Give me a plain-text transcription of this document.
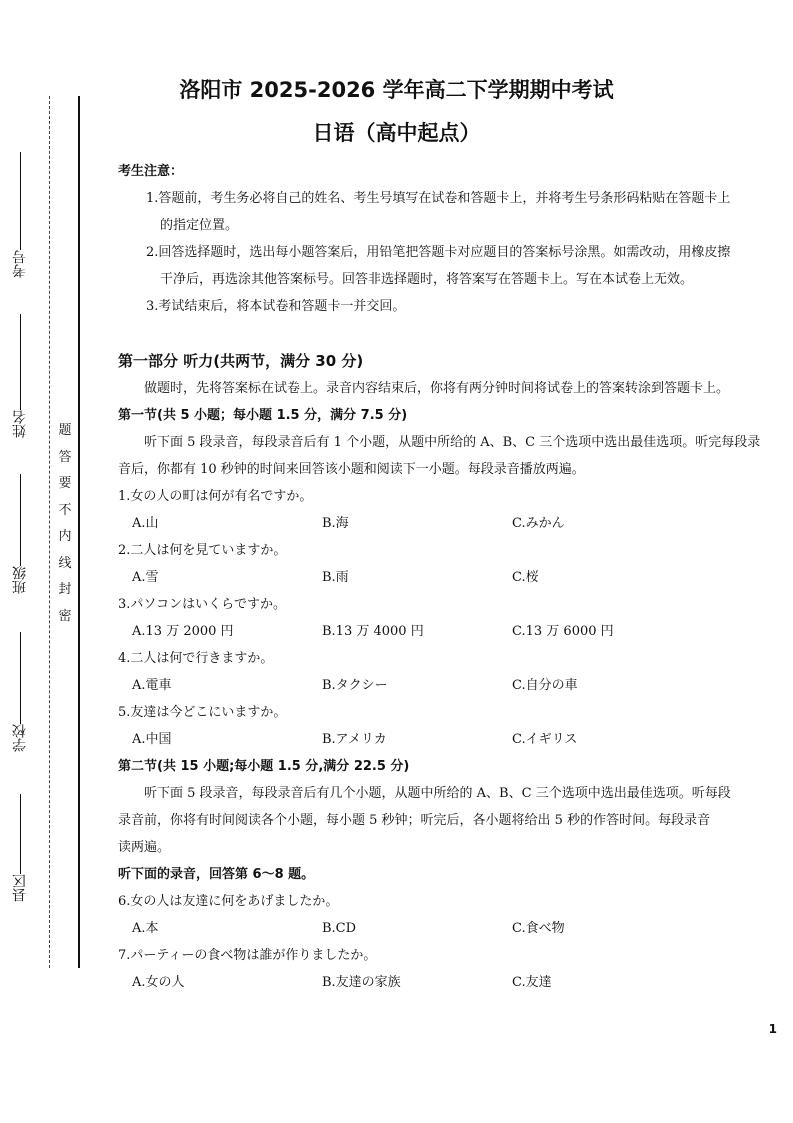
考号
姓名
班级
学校
县区
题
答
要
不
内
线
封
密
洛阳市 2025-2026 学年高二下学期期中考试
日语（高中起点）
考生注意：
1.答题前，考生务必将自己的姓名、考生号填写在试卷和答题卡上，并将考生号条形码粘贴在答题卡上
的指定位置。
2.回答选择题时，选出每小题答案后，用铅笔把答题卡对应题目的答案标号涂黑。如需改动，用橡皮擦
干净后，再选涂其他答案标号。回答非选择题时，将答案写在答题卡上。写在本试卷上无效。
3.考试结束后，将本试卷和答题卡一并交回。
第一部分 听力(共两节，满分 30 分)
做题时，先将答案标在试卷上。录音内容结束后，你将有两分钟时间将试卷上的答案转涂到答题卡上。
第一节(共 5 小题；每小题 1.5 分，满分 7.5 分)
听下面 5 段录音，每段录音后有 1 个小题，从题中所给的 A、B、C 三个选项中选出最佳选项。听完每段录
音后，你都有 10 秒钟的时间来回答该小题和阅读下一小题。每段录音播放两遍。
1.女の人の町は何が有名ですか。
A.山	B.海	C.みかん
2.二人は何を見ていますか。
A.雪	B.雨	C.桜
3.パソコンはいくらですか。
A.13 万 2000 円	B.13 万 4000 円	C.13 万 6000 円
4.二人は何で行きますか。
A.電車	B.タクシー	C.自分の車
5.友達は今どこにいますか。
A.中国	B.アメリカ	C.イギリス
第二节(共 15 小题;每小题 1.5 分,满分 22.5 分)
听下面 5 段录音，每段录音后有几个小题，从题中所给的 A、B、C 三个选项中选出最佳选项。听每段
录音前，你将有时间阅读各个小题，每小题 5 秒钟；听完后，各小题将给出 5 秒的作答时间。每段录音
读两遍。
听下面的录音，回答第 6～8 题。
6.女の人は友達に何をあげましたか。
A.本	B.CD	C.食べ物
7.パーティーの食べ物は誰が作りましたか。
A.女の人	B.友達の家族	C.友達
1
